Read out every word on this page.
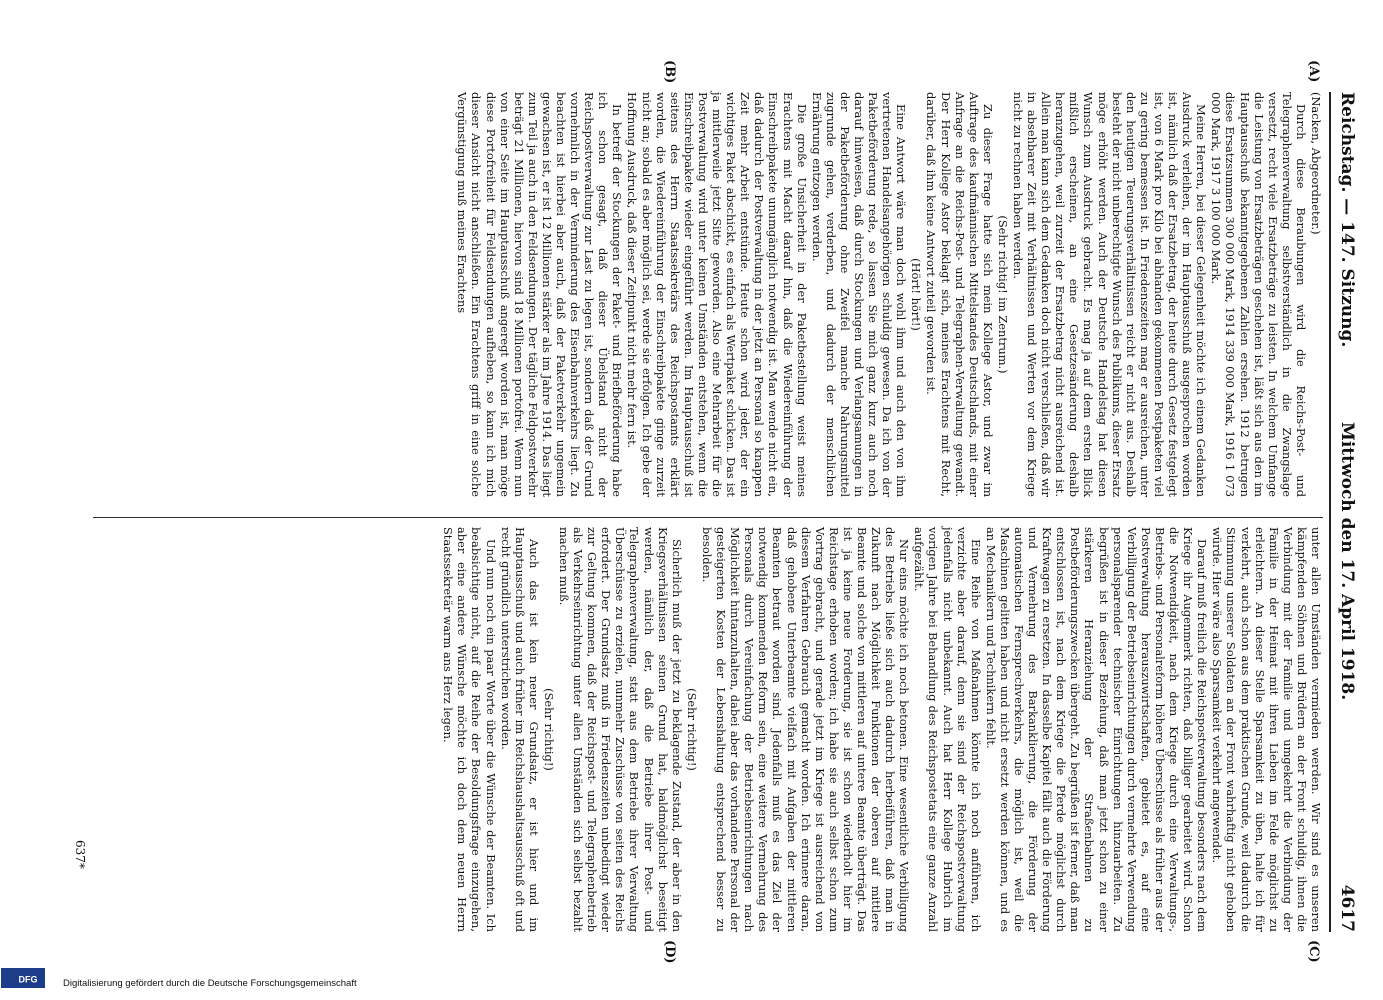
Reichstag. — 147. Sitzung.
Mittwoch den 17. April 1918.
4617
(A)
(B)
(C)
(D)

(Nacken, Abgeordneter.)

Durch diese Beraubungen wird die Reichs-Post- und Telegraphenverwaltung selbstverständlich in die Zwangslage versetzt, recht viele Ersatzbeträge zu leisten. In welchem Umfange die Leistung von Ersatzbeträgen geschehen ist, läßt sich aus den im Hauptausschuß bekanntgegebenen Zahlen ersehen. 1912 betrugen diese Ersatzsummen 300 000 Mark, 1914 339 000 Mark, 1916 1 073 000 Mark, 1917 3 100 000 Mark.

Meine Herren, bei dieser Gelegenheit möchte ich einem Gedanken Ausdruck verleihen, der im Hauptausschuß ausgesprochen worden ist, nämlich daß der Ersatzbetrag, der heute durch Gesetz festgelegt ist, von 6 Mark pro Kilo bei abhanden gekommenen Postpaketen viel zu gering bemessen ist. In Friedenszeiten mag er ausreichen, unter den heutigen Teuerungsverhältnissen reicht er nicht aus. Deshalb besteht der nicht unberechtigte Wunsch des Publikums, dieser Ersatz möge erhöht werden. Auch der Deutsche Handelstag hat diesen Wunsch zum Ausdruck gebracht. Es mag ja auf dem ersten Blick mißlich erscheinen, an eine Gesetzesänderung deshalb heranzugehen, weil zurzeit der Ersatzbetrag nicht ausreichend ist. Allein man kann sich dem Gedanken doch nicht verschließen, daß wir in absehbarer Zeit mit Verhältnissen und Werten vor dem Kriege nicht zu rechnen haben werden.

(Sehr richtig! im Zentrum.)

Zu dieser Frage hatte sich mein Kollege Astor, und zwar im Auftrage des kaufmännischen Mittelstandes Deutschlands, mit einer Anfrage an die Reichs-Post- und Telegraphen-Verwaltung gewandt. Der Herr Kollege Astor beklagt sich, meines Erachtens mit Recht, darüber, daß ihm keine Antwort zuteil geworden ist.

(Hört! hört!)

Eine Antwort wäre man doch wohl ihm und auch den von ihm vertretenen Handelsangehörigen schuldig gewesen. Da ich von der Paketbeförderung rede, so lassen Sie mich ganz kurz auch noch darauf hinweisen, daß durch Stockungen und Verlangsamungen in der Paketbeförderung ohne Zweifel manche Nahrungsmittel zugrunde gehen, verderben, und dadurch der menschlichen Ernährung entzogen werden.

Die große Unsicherheit in der Paketbestellung weist meines Erachtens mit Macht darauf hin, daß die Wiedereinführung der Einschreibpakete unumgänglich notwendig ist. Man wende nicht ein, daß dadurch der Postverwaltung in der jetzt an Personal so knappen Zeit mehr Arbeit entstünde. Heute schon wird jeder, der ein wichtiges Paket abschickt, es einfach als Wertpaket schicken. Das ist ja mittlerweile jetzt Sitte geworden. Also eine Mehrarbeit für die Postverwaltung wird unter keinen Umständen entstehen, wenn die Einschreibpakete wieder eingeführt werden. Im Hauptausschuß ist seitens des Herrn Staatssekretärs des Reichspostamts erklärt worden, die Wiedereinführung der Einschreibpakete ginge zurzeit nicht an; sobald es aber möglich sei, werde sie erfolgen. Ich gebe der Hoffnung Ausdruck, daß dieser Zeitpunkt nicht mehr fern ist.

In betreff der Stockungen der Paket- und Briefbeförderung habe ich schon gesagt, daß dieser Übelstand nicht der Reichspostverwaltung zur Last zu legen ist, sondern daß der Grund vornehmlich in der Verminderung des Eisenbahnverkehrs liegt. Zu beachten ist hierbei aber auch, daß der Paketverkehr ungemein gewachsen ist, er ist 12 Millionen stärker als im Jahre 1914. Das liegt zum Teil ja auch in den Feldsendungen. Der tägliche Feldpostverkehr beträgt 21 Millionen, hiervon sind 18 Millionen portofrei. Wenn nun von einer Seite im Hauptausschuß angeregt worden ist, man möge diese Portofreiheit für Feldsendungen aufheben, so kann ich mich dieser Ansicht nicht anschließen. Ein Erachtens griff in eine solche Vergünstigung muß meines Erachtens

unter allen Umständen vermieden werden. Wir sind es unseren kämpfenden Söhnen und Brüdern an der Front schuldig, ihnen die Verbindung mit der Familie und umgekehrt die Verbindung der Familie in der Heimat mit ihren Lieben im Felde möglichst zu erleichtern. An dieser Stelle Sparsamkeit zu üben, halte ich für verkehrt, auch schon aus dem praktischen Grunde, weil dadurch die Stimmung unserer Soldaten an der Front wahrhaftig nicht gehoben würde. Hier wäre also Sparsamkeit verkehrt angewendet.

Darauf muß freilich die Reichspostverwaltung besonders nach dem Kriege ihr Augenmerk richten, daß billiger gearbeitet wird. Schon die Notwendigkeit, nach dem Kriege durch eine Verwaltungs-, Betriebs- und Personalreform höhere Überschüsse als früher aus der Postverwaltung herauszuwirtschaften, gebietet es, auf eine Verbilligung der Betriebseinrichtungen durch vermehrte Verwendung personalsparender technischer Einrichtungen hinzuarbeiten. Zu begrüßen ist in dieser Beziehung, daß man jetzt schon zu einer stärkeren Heranziehung der Straßenbahnen zu Postbeförderungszwecken übergeht. Zu begrüßen ist ferner, daß man entschlossen ist, nach dem Kriege die Pferde möglichst durch Kraftwagen zu ersetzen. In dasselbe Kapitel fällt auch die Förderung und Vermehrung des Barkanklierung, die Förderung der automatischen Fernsprechverkehrs, die möglich ist, weil die Maschinen gelitten haben und nicht ersetzt werden können, und es an Mechanikern und Technikern fehlt.

Eine Reihe von Maßnahmen könnte ich noch anführen, ich verzichte aber darauf, denn sie sind der Reichspostverwaltung jedenfalls nicht unbekannt. Auch hat Herr Kollege Hubrich im vorigen Jahre bei Behandlung des Reichspostetats eine ganze Anzahl aufgezählt.

Nur eins möchte ich noch betonen. Eine wesentliche Verbilligung des Betriebs ließe sich auch dadurch herbeiführen, daß man in Zukunft nach Möglichkeit Funktionen der oberen auf mittlere Beamte und solche von mittleren auf untere Beamte überträgt. Das ist ja keine neue Forderung, sie ist schon wiederholt hier im Reichstage erhoben worden; ich habe sie auch selbst schon zum Vortrag gebracht, und gerade jetzt im Kriege ist ausreichend von diesem Verfahren Gebrauch gemacht worden. Ich erinnere daran, daß gehobene Unterbeamte vielfach mit Aufgaben der mittleren Beamten betraut worden sind. Jedenfalls muß es das Ziel der notwendig kommenden Reform sein, eine weitere Vermehrung des Personals durch Vereinfachung der Betriebseinrichtungen nach Möglichkeit hintanzuhalten, dabei aber das vorhandene Personal der gesteigerten Kosten der Lebenshaltung entsprechend besser zu besolden.

(Sehr richtig!)

Sicherlich muß der jetzt zu beklagende Zustand, der aber in den Kriegsverhältnissen seinen Grund hat, baldmöglichst beseitigt werden, nämlich der, daß die Betriebe ihrer Post- und Telegraphenverwaltung, statt aus dem Betriebe ihrer Verwaltung Überschüsse zu erzielen, nunmehr Zuschüsse von seiten des Reichs erfordert. Der Grundsatz muß in Friedenszeiten unbedingt wieder zur Geltung kommen, daß der Reichspost- und Telegraphenbetrieb als Verkehrseinrichtung unter allen Umständen sich selbst bezahlt machen muß.

(Sehr richtig!)

Auch das ist kein neuer Grundsatz, er ist hier und im Hauptausschuß und auch früher im Reichshaushaltsausschuß oft und recht gründlich unterstrichen worden.

Und nun noch ein paar Worte über die Wünsche der Beamten. Ich beabsichtige nicht, auf die Reihe der Besoldungsfrage einzugehen, aber eine andere Wünsche möchte ich doch dem neuen Herrn Staatssekretär warm ans Herz legen.

637*
DFG	Digitalisierung gefördert durch die Deutsche Forschungsgemeinschaft
